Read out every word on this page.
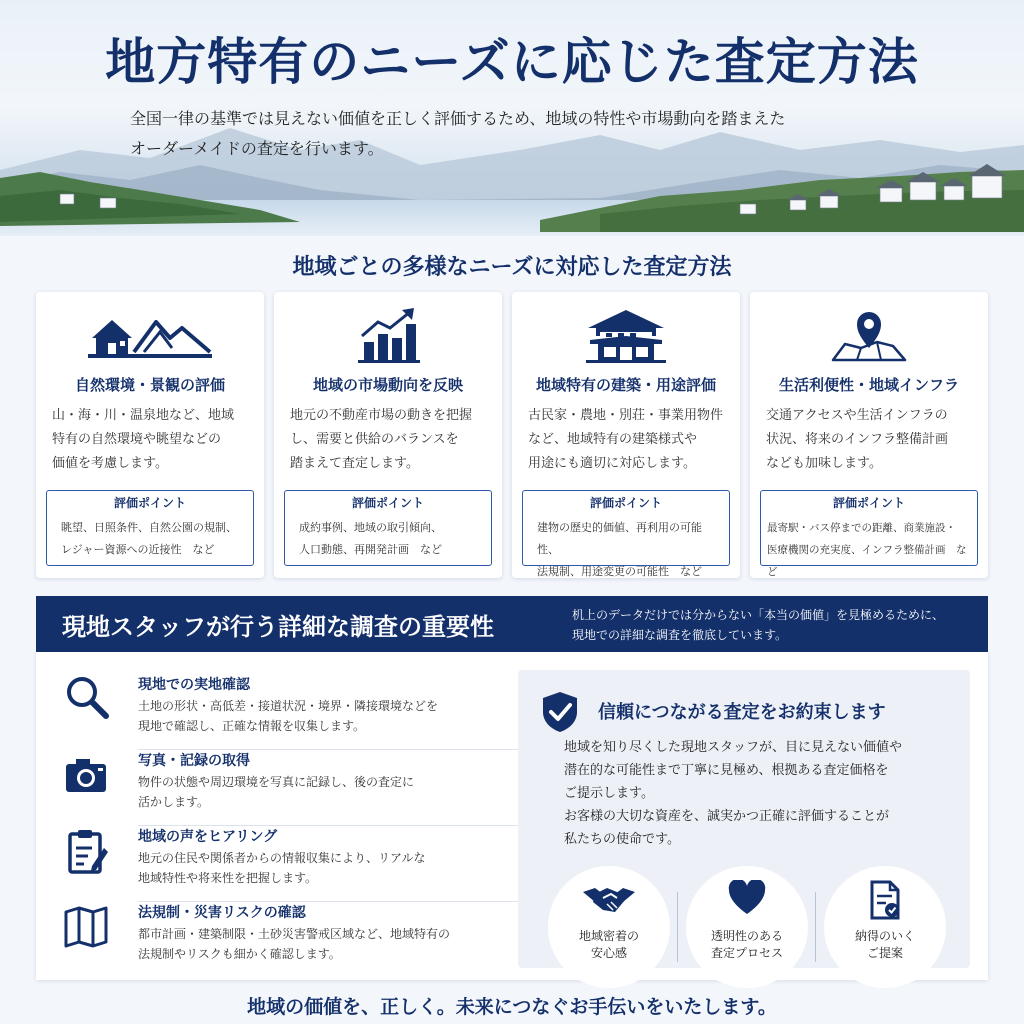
地方特有のニーズに応じた査定方法
全国一律の基準では見えない価値を正しく評価するため、地域の特性や市場動向を踏まえた
オーダーメイドの査定を行います。
地域ごとの多様なニーズに対応した査定方法
自然環境・景観の評価
山・海・川・温泉地など、地域
特有の自然環境や眺望などの
価値を考慮します。
評価ポイント
眺望、日照条件、自然公園の規制、
レジャー資源への近接性　など
地域の市場動向を反映
地元の不動産市場の動きを把握
し、需要と供給のバランスを
踏まえて査定します。
評価ポイント
成約事例、地域の取引傾向、
人口動態、再開発計画　など
地域特有の建築・用途評価
古民家・農地・別荘・事業用物件
など、地域特有の建築様式や
用途にも適切に対応します。
評価ポイント
建物の歴史的価値、再利用の可能性、
法規制、用途変更の可能性　など
生活利便性・地域インフラ
交通アクセスや生活インフラの
状況、将来のインフラ整備計画
なども加味します。
評価ポイント
最寄駅・バス停までの距離、商業施設・
医療機関の充実度、インフラ整備計画　など
現地スタッフが行う詳細な調査の重要性	机上のデータだけでは分からない「本当の価値」を見極めるために、
現地での詳細な調査を徹底しています。
現地での実地確認
土地の形状・高低差・接道状況・境界・隣接環境などを
現地で確認し、正確な情報を収集します。
写真・記録の取得
物件の状態や周辺環境を写真に記録し、後の査定に
活かします。
地域の声をヒアリング
地元の住民や関係者からの情報収集により、リアルな
地域特性や将来性を把握します。
法規制・災害リスクの確認
都市計画・建築制限・土砂災害警戒区域など、地域特有の
法規制やリスクも細かく確認します。
信頼につながる査定をお約束します
地域を知り尽くした現地スタッフが、目に見えない価値や
潜在的な可能性まで丁寧に見極め、根拠ある査定価格を
ご提示します。
お客様の大切な資産を、誠実かつ正確に評価することが
私たちの使命です。
地域密着の
安心感
透明性のある
査定プロセス
納得のいく
ご提案
地域の価値を、正しく。未来につなぐお手伝いをいたします。
